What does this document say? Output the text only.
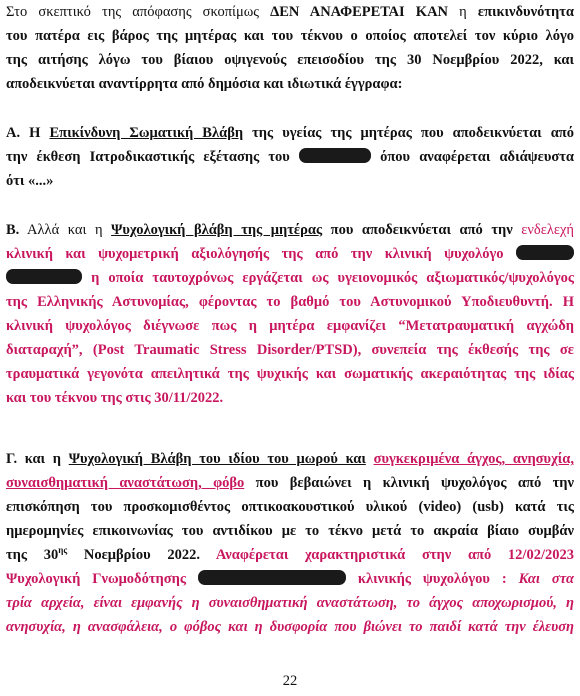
Στο σκεπτικό της απόφασης σκοπίμως ΔΕΝ ΑΝΑΦΕΡΕΤΑΙ ΚΑΝ η επικινδυνότητα
του πατέρα εις βάρος της μητέρας και του τέκνου ο οποίος αποτελεί τον κύριο λόγο
της αιτήσης λόγω του βίαιου οψιγενούς επεισοδίου της 30 Νοεμβρίου 2022, και
αποδεικνύεται αναντίρρητα από δημόσια και ιδιωτικά έγγραφα:
Α. Η Επικίνδυνη Σωματική Βλάβη της υγείας της μητέρας που αποδεικνύεται από
την έκθεση Ιατροδικαστικής εξέτασης του	όπου αναφέρεται αδιάψευστα
ότι «...»
Β. Αλλά και η Ψυχολογική βλάβη της μητέρας που αποδεικνύεται από την ενδελεχή
κλινική και ψυχομετρική αξιολόγησής της από την κλινική ψυχολόγο
η οποία ταυτοχρόνως εργάζεται ως υγειονομικός αξιωματικός/ψυχολόγος
της Ελληνικής Αστυνομίας, φέροντας το βαθμό του Αστυνομικού Υποδιευθυντή. Η
κλινική ψυχολόγος διέγνωσε πως η μητέρα εμφανίζει “Μετατραυματική αγχώδη
διαταραχή”, (Post Traumatic Stress Disorder/PTSD), συνεπεία της έκθεσής της σε
τραυματικά γεγονότα απειλητικά της ψυχικής και σωματικής ακεραιότητας της ιδίας
και του τέκνου της στις 30/11/2022.
Γ. και η Ψυχολογική Βλάβη του ιδίου του μωρού και συγκεκριμένα άγχος, ανησυχία,
συναισθηματική αναστάτωση, φόβο που βεβαιώνει η κλινική ψυχολόγος από την
επισκόπηση του προσκομισθέντος οπτικοακουστικού υλικού (video) (usb) κατά τις
ημερομηνίες επικοινωνίας του αντιδίκου με το τέκνο μετά το ακραία βίαιο συμβάν
της $30^{\eta\varsigma}$ Νοεμβρίου 2022. Αναφέρεται χαρακτηριστικά στην από 12/02/2023
Ψυχολογική Γνωμοδότησης	κλινικής ψυχολόγου : Και στα
τρία αρχεία, είναι εμφανής η συναισθηματική αναστάτωση, το άγχος αποχωρισμού, η
ανησυχία, η ανασφάλεια, ο φόβος και η δυσφορία που βιώνει το παιδί κατά την έλευση
22
